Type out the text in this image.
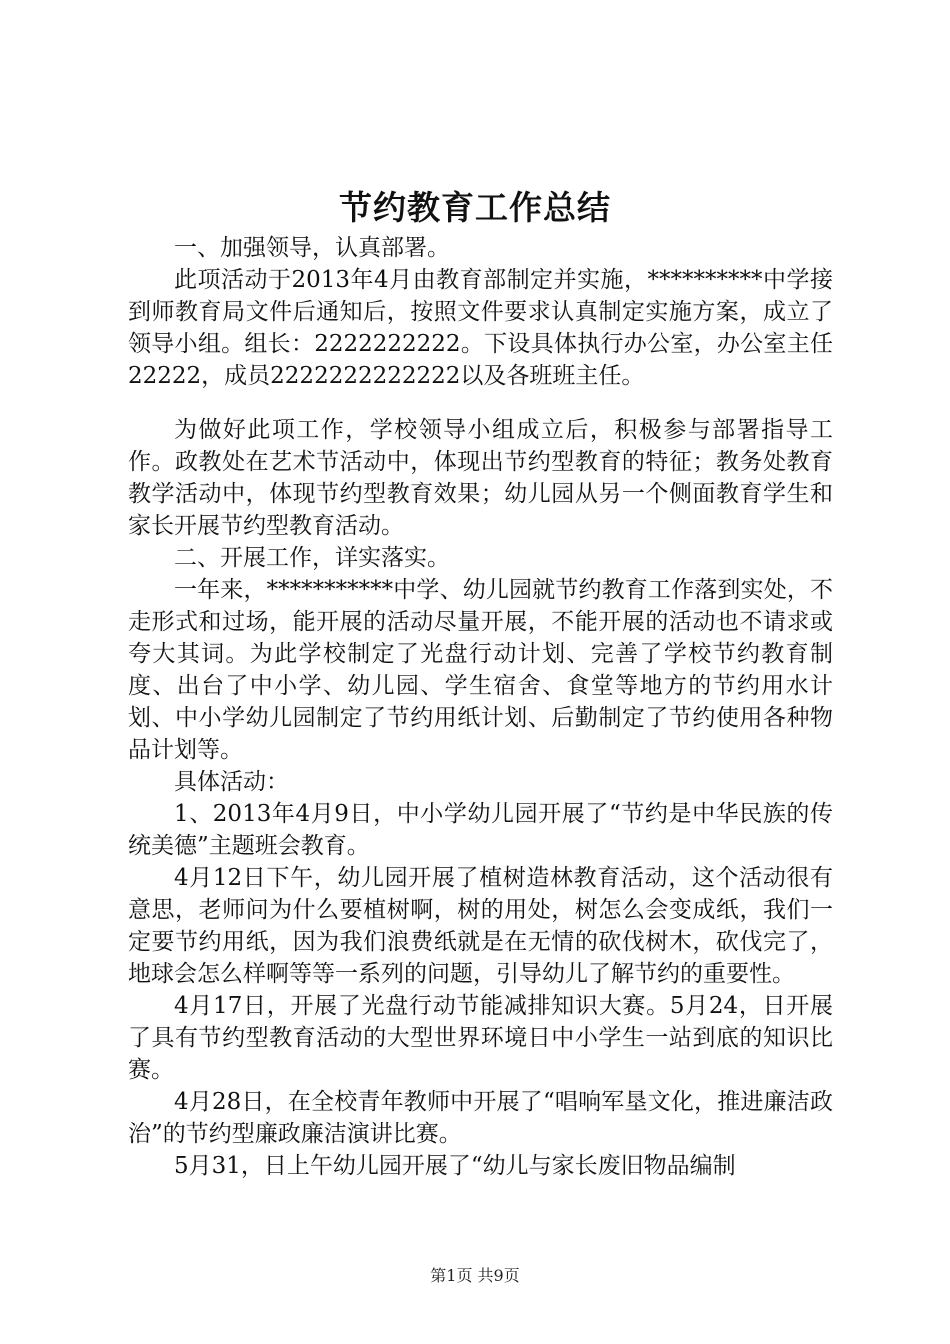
节约教育工作总结

一、加强领导，认真部署。

此项活动于2013年4月由教育部制定并实施，**********中学接到师教育局文件后通知后，按照文件要求认真制定实施方案，成立了领导小组。组长：2222222222。下设具体执行办公室，办公室主任22222，成员2222222222222以及各班班主任。

为做好此项工作，学校领导小组成立后，积极参与部署指导工作。政教处在艺术节活动中，体现出节约型教育的特征；教务处教育教学活动中，体现节约型教育效果；幼儿园从另一个侧面教育学生和家长开展节约型教育活动。

二、开展工作，详实落实。

一年来，***********中学、幼儿园就节约教育工作落到实处，不走形式和过场，能开展的活动尽量开展，不能开展的活动也不请求或夸大其词。为此学校制定了光盘行动计划、完善了学校节约教育制度、出台了中小学、幼儿园、学生宿舍、食堂等地方的节约用水计划、中小学幼儿园制定了节约用纸计划、后勤制定了节约使用各种物品计划等。

具体活动：

1、2013年4月9日，中小学幼儿园开展了“节约是中华民族的传统美德”主题班会教育。

4月12日下午，幼儿园开展了植树造林教育活动，这个活动很有意思，老师问为什么要植树啊，树的用处，树怎么会变成纸，我们一定要节约用纸，因为我们浪费纸就是在无情的砍伐树木，砍伐完了，地球会怎么样啊等等一系列的问题，引导幼儿了解节约的重要性。

4月17日，开展了光盘行动节能减排知识大赛。5月24，日开展了具有节约型教育活动的大型世界环境日中小学生一站到底的知识比赛。

4月28日，在全校青年教师中开展了“唱响军垦文化，推进廉洁政治”的节约型廉政廉洁演讲比赛。

5月31，日上午幼儿园开展了“幼儿与家长废旧物品编制

第1页 共9页
